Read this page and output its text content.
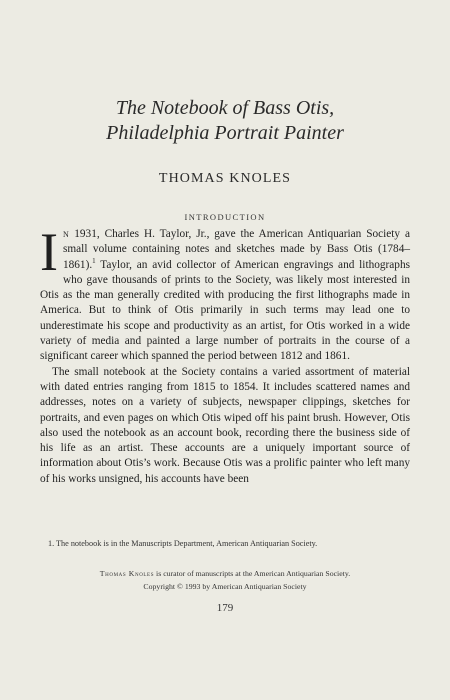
The Notebook of Bass Otis,
Philadelphia Portrait Painter
THOMAS KNOLES
INTRODUCTION

In 1931, Charles H. Taylor, Jr., gave the American Antiquarian Society a small volume containing notes and sketches made by Bass Otis (1784–1861).$^1$ Taylor, an avid collector of American engravings and lithographs who gave thousands of prints to the Society, was likely most interested in Otis as the man generally credited with producing the first lithographs made in America. But to think of Otis primarily in such terms may lead one to underestimate his scope and productivity as an artist, for Otis worked in a wide variety of media and painted a large number of portraits in the course of a significant career which spanned the period between 1812 and 1861.

The small notebook at the Society contains a varied assortment of material with dated entries ranging from 1815 to 1854. It includes scattered names and addresses, notes on a variety of subjects, newspaper clippings, sketches for portraits, and even pages on which Otis wiped off his paint brush. However, Otis also used the notebook as an account book, recording there the business side of his life as an artist. These accounts are a uniquely important source of information about Otis’s work. Because Otis was a prolific painter who left many of his works unsigned, his accounts have been

1. The notebook is in the Manuscripts Department, American Antiquarian Society.
Thomas Knoles is curator of manuscripts at the American Antiquarian Society.
Copyright © 1993 by American Antiquarian Society
179
